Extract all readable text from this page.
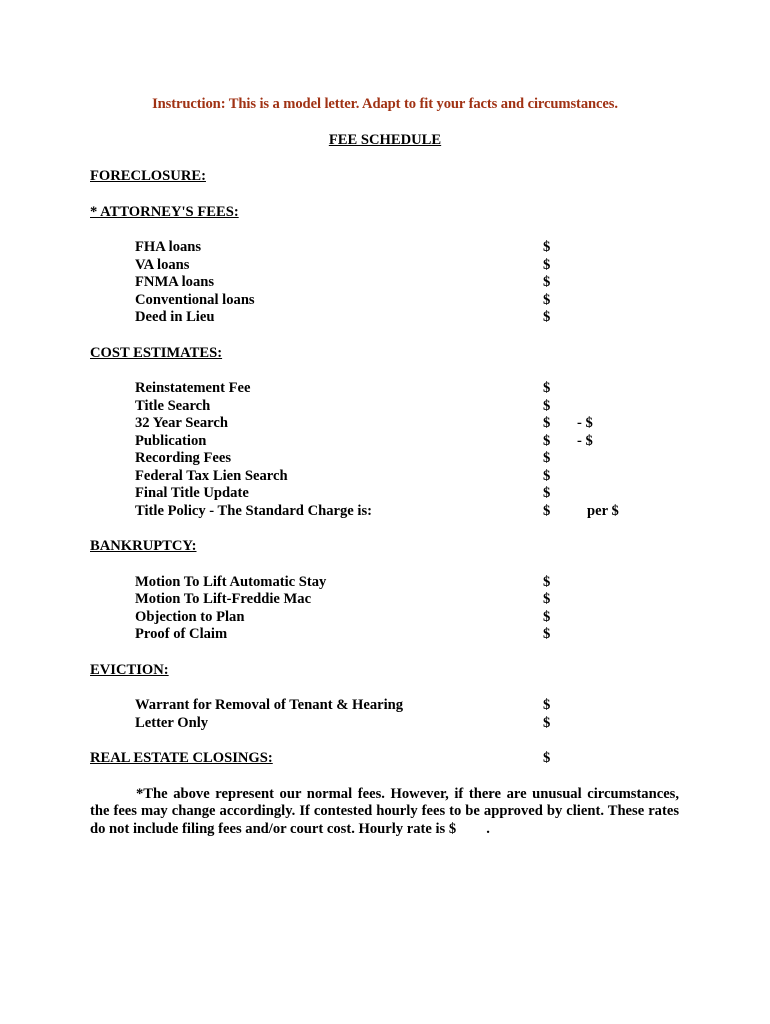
Instruction: This is a model letter. Adapt to fit your facts and circumstances.

FEE SCHEDULE

FORECLOSURE:

* ATTORNEY'S FEES:

FHA loans	$
VA loans	$
FNMA loans	$
Conventional loans	$
Deed in Lieu	$

COST ESTIMATES:

Reinstatement Fee	$
Title Search	$
32 Year Search	$ - $
Publication	$ - $
Recording Fees	$
Federal Tax Lien Search	$
Final Title Update	$
Title Policy - The Standard Charge is:	$	per $

BANKRUPTCY:

Motion To Lift Automatic Stay	$
Motion To Lift-Freddie Mac	$
Objection to Plan	$
Proof of Claim	$

EVICTION:

Warrant for Removal of Tenant & Hearing	$
Letter Only	$

REAL ESTATE CLOSINGS:	$

*The above represent our normal fees. However, if there are unusual circumstances, the fees may change accordingly. If contested hourly fees to be approved by client. These rates do not include filing fees and/or court cost. Hourly rate is $ .
